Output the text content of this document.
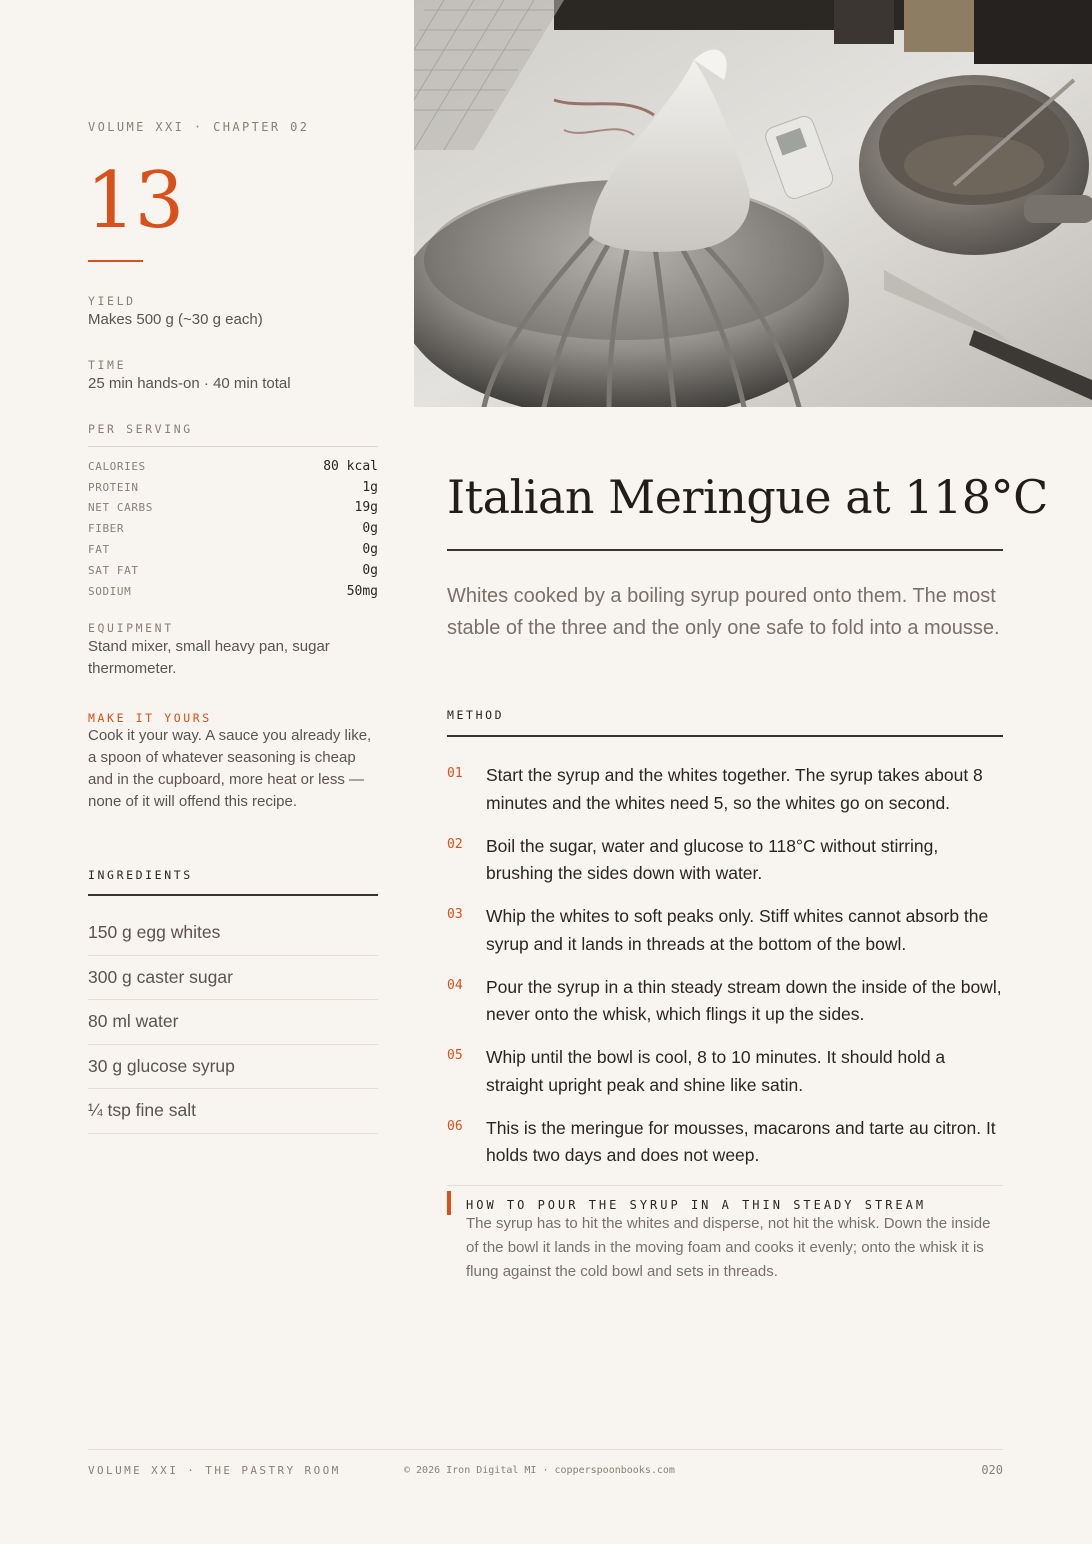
VOLUME XXI · CHAPTER 02
13
YIELD
Makes 500 g (~30 g each)
TIME
25 min hands-on · 40 min total
PER SERVING
CALORIES	80 kcal
PROTEIN	1g
NET CARBS	19g
FIBER	0g
FAT	0g
SAT FAT	0g
SODIUM	50mg
EQUIPMENT
Stand mixer, small heavy pan, sugar thermometer.
MAKE IT YOURS
Cook it your way. A sauce you already like, a spoon of whatever seasoning is cheap and in the cupboard, more heat or less — none of it will offend this recipe.
INGREDIENTS
150 g egg whites
300 g caster sugar
80 ml water
30 g glucose syrup
¼ tsp fine salt
Italian Meringue at 118°C
Whites cooked by a boiling syrup poured onto them. The most stable of the three and the only one safe to fold into a mousse.
METHOD
01	Start the syrup and the whites together. The syrup takes about 8 minutes and the whites need 5, so the whites go on second.
02	Boil the sugar, water and glucose to 118°C without stirring, brushing the sides down with water.
03	Whip the whites to soft peaks only. Stiff whites cannot absorb the syrup and it lands in threads at the bottom of the bowl.
04	Pour the syrup in a thin steady stream down the inside of the bowl, never onto the whisk, which flings it up the sides.
05	Whip until the bowl is cool, 8 to 10 minutes. It should hold a straight upright peak and shine like satin.
06	This is the meringue for mousses, macarons and tarte au citron. It holds two days and does not weep.
HOW TO POUR THE SYRUP IN A THIN STEADY STREAM
The syrup has to hit the whites and disperse, not hit the whisk. Down the inside of the bowl it lands in the moving foam and cooks it evenly; onto the whisk it is flung against the cold bowl and sets in threads.
VOLUME XXI · THE PASTRY ROOM	© 2026 Iron Digital MI · copperspoonbooks.com	020
